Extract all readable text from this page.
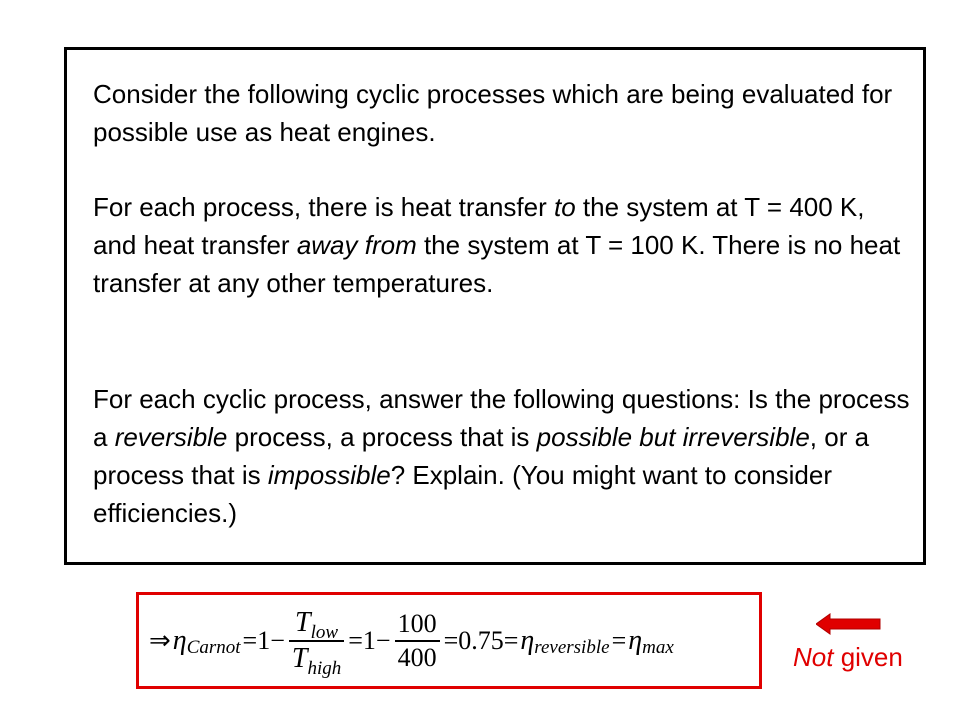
Consider the following cyclic processes which are being evaluated for possible use as heat engines.

For each process, there is heat transfer to the system at T = 400 K, and heat transfer away from the system at T = 100 K. There is no heat transfer at any other temperatures.

For each cyclic process, answer the following questions: Is the process a reversible process, a process that is possible but irreversible, or a process that is impossible? Explain. (You might want to consider efficiencies.)

⇒ η Carnot $=1- \frac{T_{low}}{T_{high}} =1- \frac{100}{400} =0.75= \eta$ reversible = η max	Not given
